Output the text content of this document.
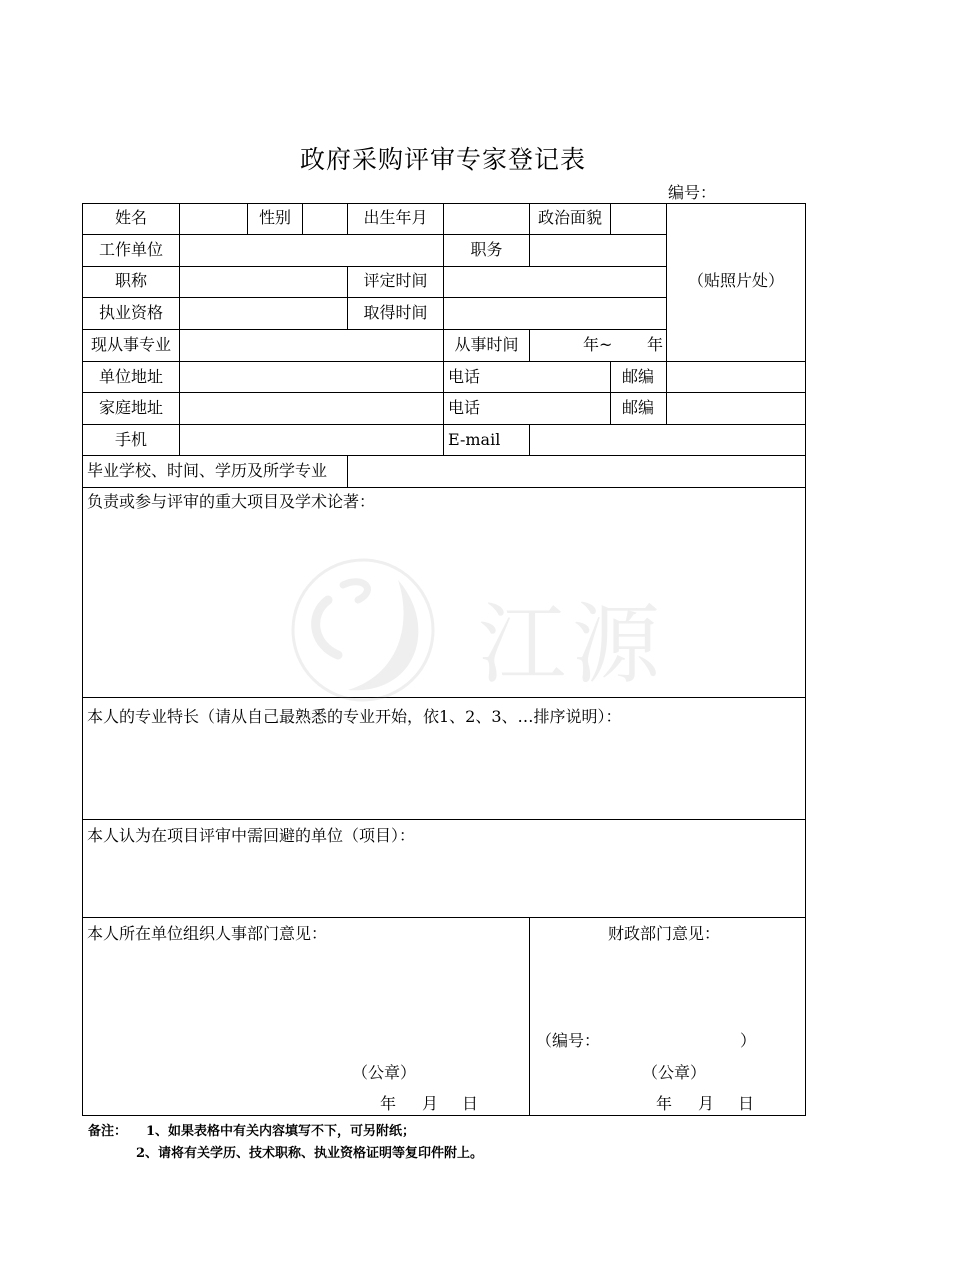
政府采购评审专家登记表
编号：
姓名	性别	出生年月	政治面貌
（贴照片处）
工作单位	职务
职称	评定时间
执业资格	取得时间
现从事专业	从事时间	年~ 年
单位地址	电话	邮编
家庭地址	电话	邮编
手机	E-mail
毕业学校、时间、学历及所学专业
负责或参与评审的重大项目及学术论著：
本人的专业特长（请从自己最熟悉的专业开始，依1、2、3、…排序说明）：
本人认为在项目评审中需回避的单位（项目）：
本人所在单位组织人事部门意见：
（公章）
年 月 日
财政部门意见：
（编号：	）
（公章）
年 月 日
备注： 1、如果表格中有关内容填写不下，可另附纸；
2、请将有关学历、技术职称、执业资格证明等复印件附上。
江源
